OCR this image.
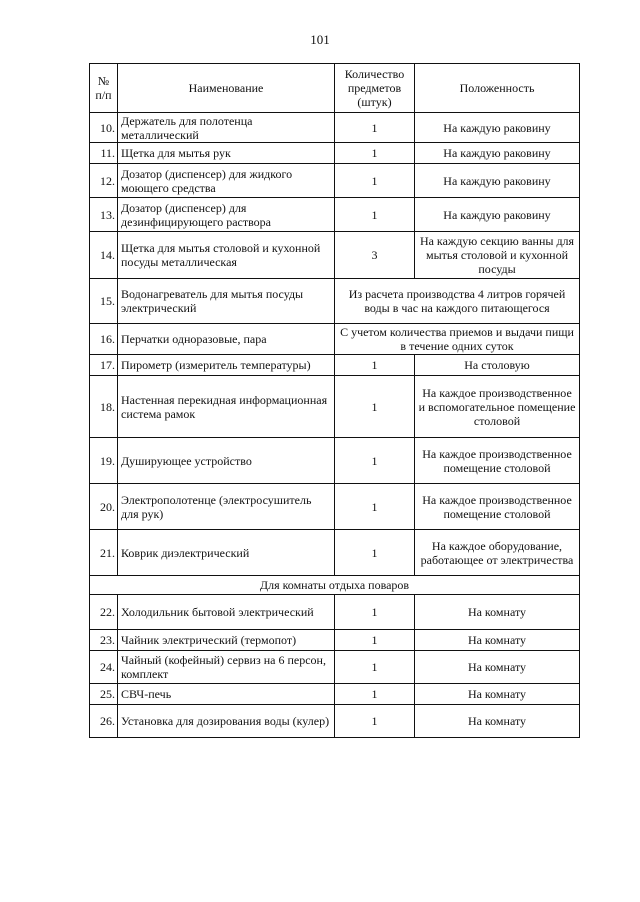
101
№ п/п	Наименование	Количество предметов (штук)	Положенность
10.	Держатель для полотенца металлический	1	На каждую раковину
11.	Щетка для мытья рук	1	На каждую раковину
12.	Дозатор (диспенсер) для жидкого моющего средства	1	На каждую раковину
13.	Дозатор (диспенсер) для дезинфицирующего раствора	1	На каждую раковину
14.	Щетка для мытья столовой и кухонной посуды металлическая	3	На каждую секцию ванны для мытья столовой и кухонной посуды
15.	Водонагреватель для мытья посуды электрический	Из расчета производства 4 литров горячей воды в час на каждого питающегося	
16.	Перчатки одноразовые, пара	С учетом количества приемов и выдачи пищи в течение одних суток	
17.	Пирометр (измеритель температуры)	1	На столовую
18.	Настенная перекидная информационная система рамок	1	На каждое производственное и вспомогательное помещение столовой
19.	Душирующее устройство	1	На каждое производственное помещение столовой
20.	Электрополотенце (электросушитель для рук)	1	На каждое производственное помещение столовой
21.	Коврик диэлектрический	1	На каждое оборудование, работающее от электричества
Для комнаты отдыха поваров			
22.	Холодильник бытовой электрический	1	На комнату
23.	Чайник электрический (термопот)	1	На комнату
24.	Чайный (кофейный) сервиз на 6 персон, комплект	1	На комнату
25.	СВЧ-печь	1	На комнату
26.	Установка для дозирования воды (кулер)	1	На комнату
